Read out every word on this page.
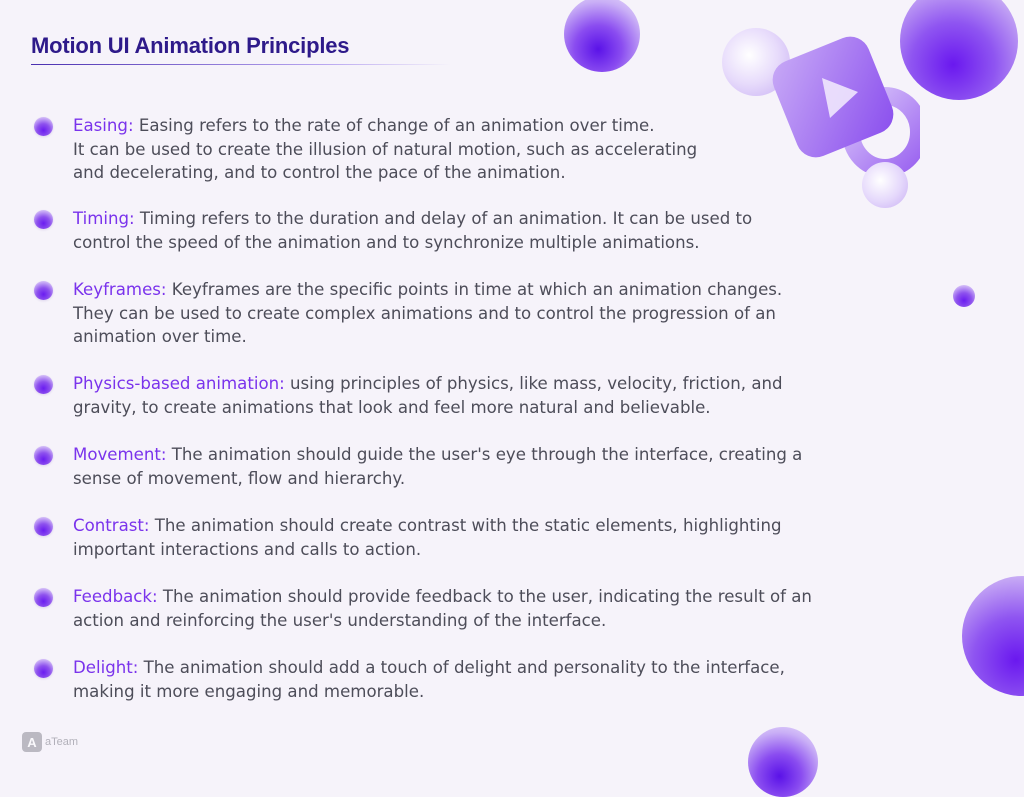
Motion UI Animation Principles

Easing: Easing refers to the rate of change of an animation over time.
It can be used to create the illusion of natural motion, such as accelerating
and decelerating, and to control the pace of the animation.

Timing: Timing refers to the duration and delay of an animation. It can be used to
control the speed of the animation and to synchronize multiple animations.

Keyframes: Keyframes are the specific points in time at which an animation changes.
They can be used to create complex animations and to control the progression of an
animation over time.

Physics-based animation: using principles of physics, like mass, velocity, friction, and
gravity, to create animations that look and feel more natural and believable.

Movement: The animation should guide the user's eye through the interface, creating a
sense of movement, flow and hierarchy.

Contrast: The animation should create contrast with the static elements, highlighting
important interactions and calls to action.

Feedback: The animation should provide feedback to the user, indicating the result of an
action and reinforcing the user's understanding of the interface.

Delight: The animation should add a touch of delight and personality to the interface,
making it more engaging and memorable.

A aTeam
